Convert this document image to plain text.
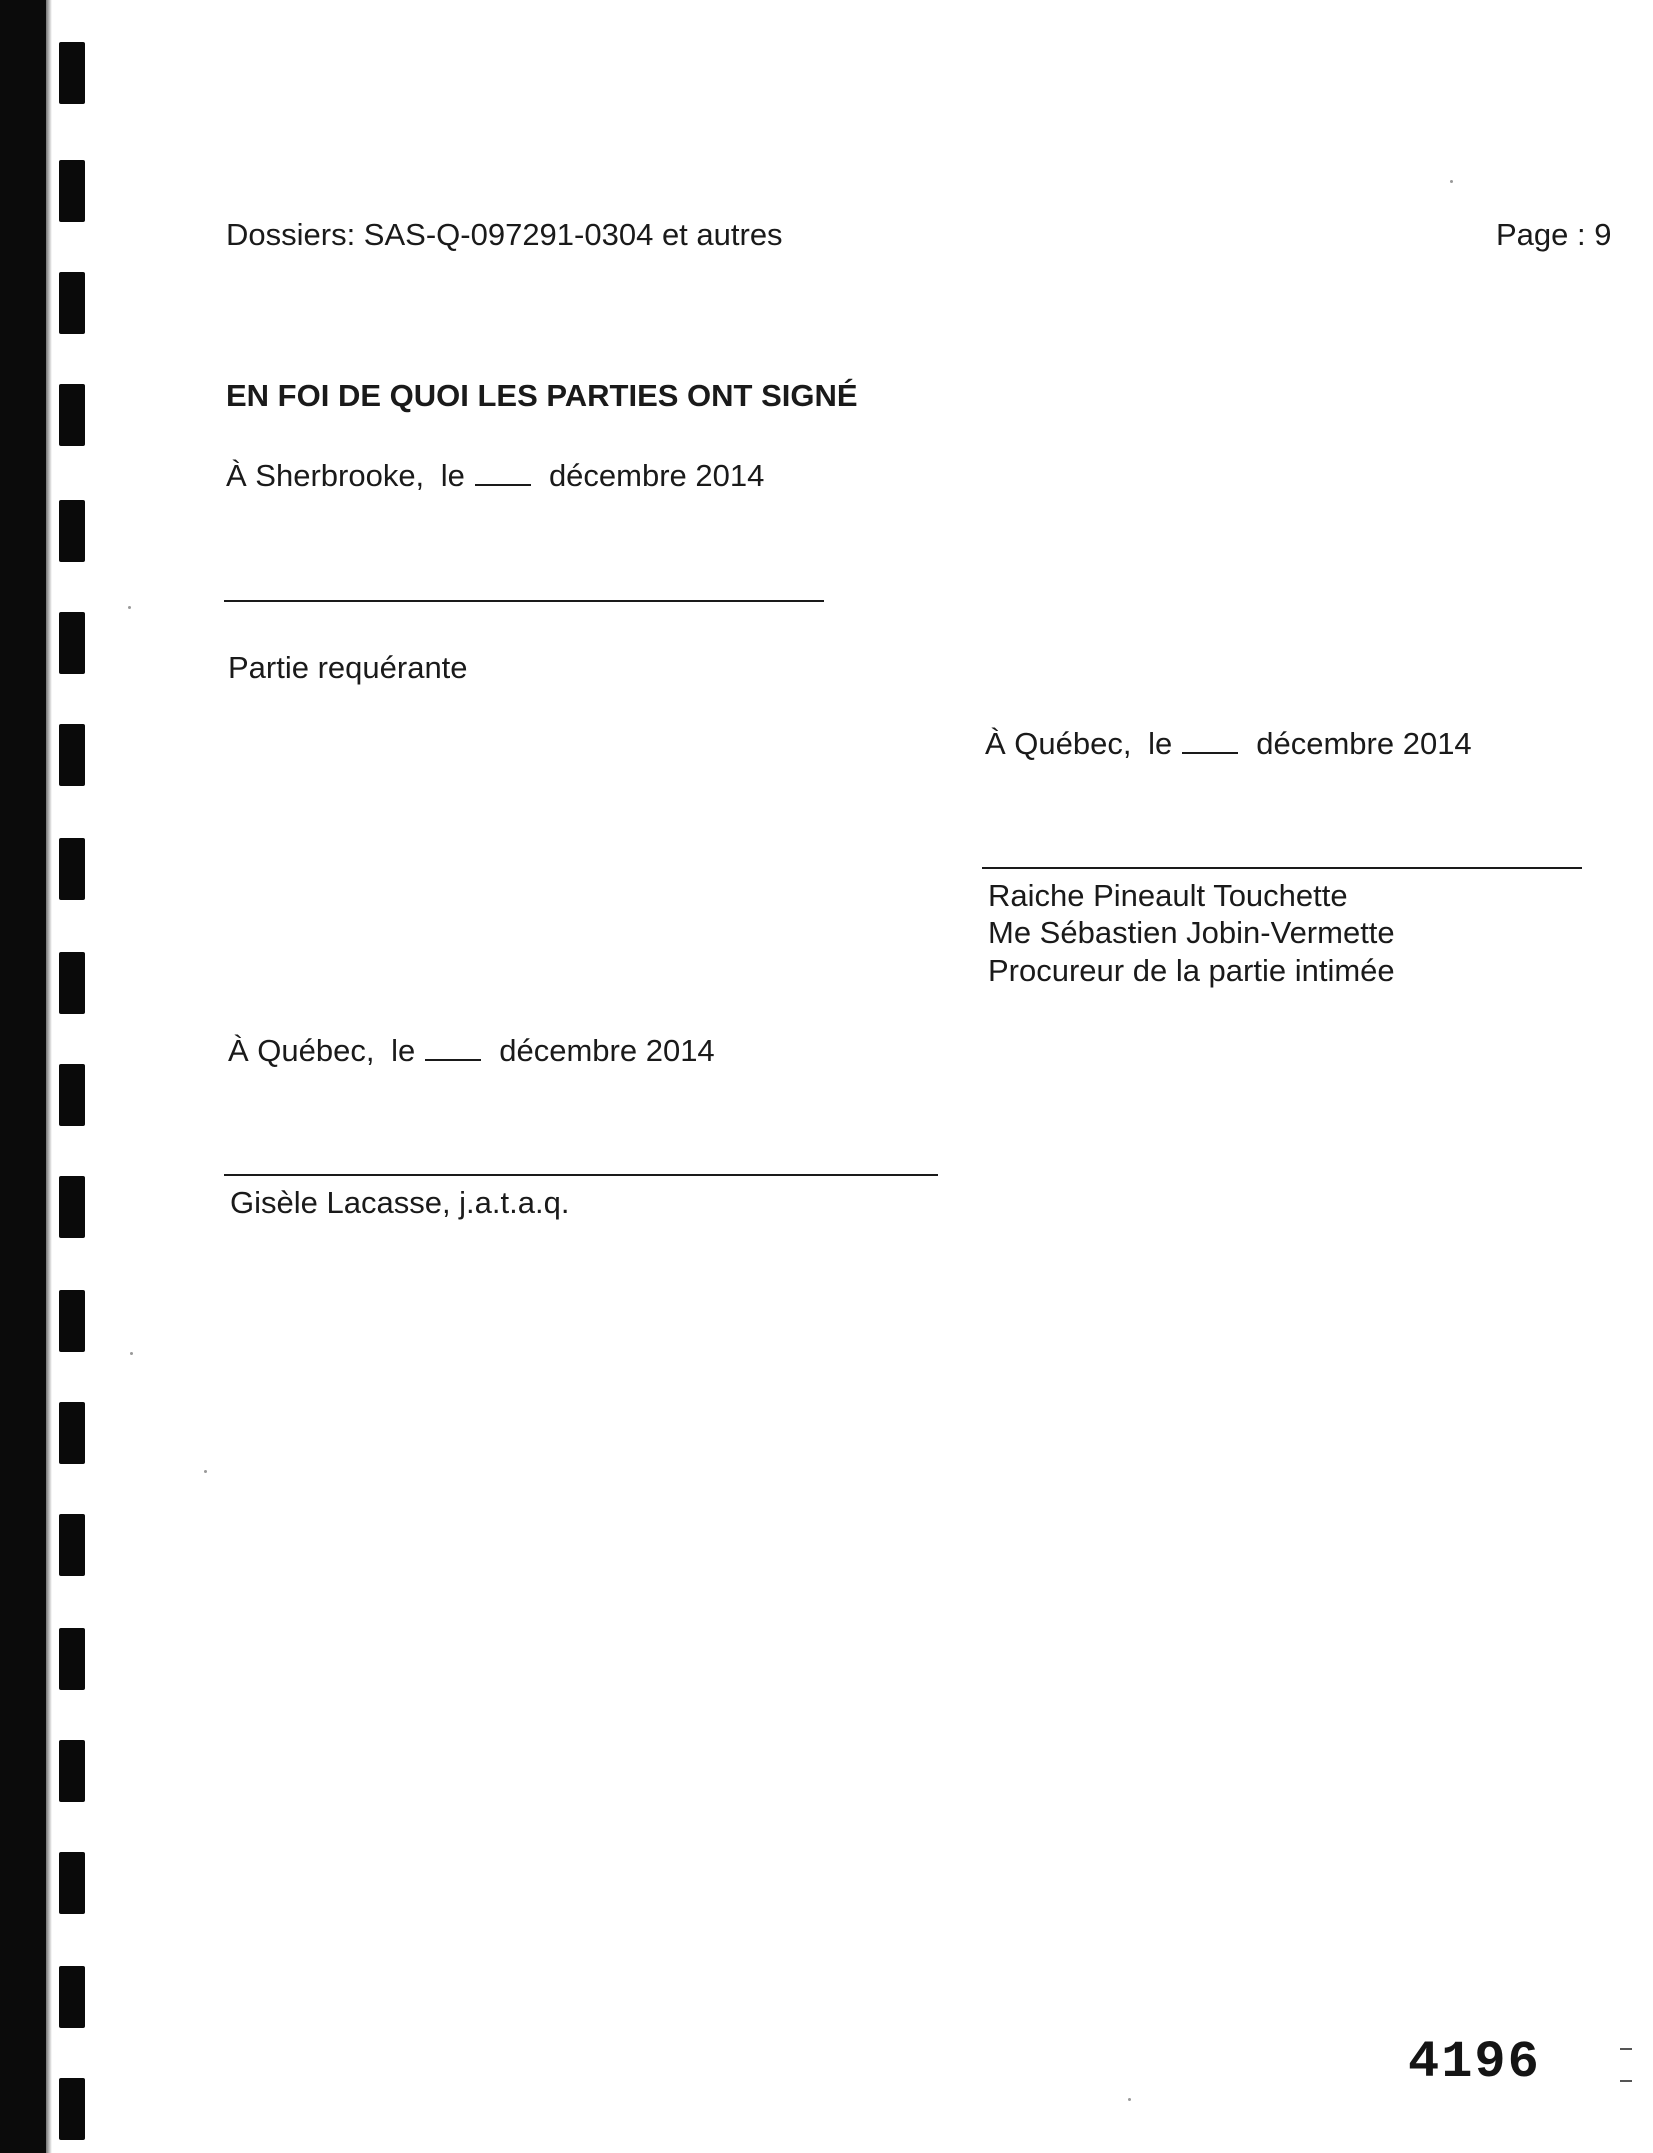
Dossiers: SAS-Q-097291-0304 et autres	Page : 9
EN FOI DE QUOI LES PARTIES ONT SIGNÉ
À Sherbrooke, le	décembre 2014
Partie requérante
À Québec, le	décembre 2014
Raiche Pineault Touchette
Me Sébastien Jobin-Vermette
Procureur de la partie intimée
À Québec, le	décembre 2014
Gisèle Lacasse, j.a.t.a.q.
4196
